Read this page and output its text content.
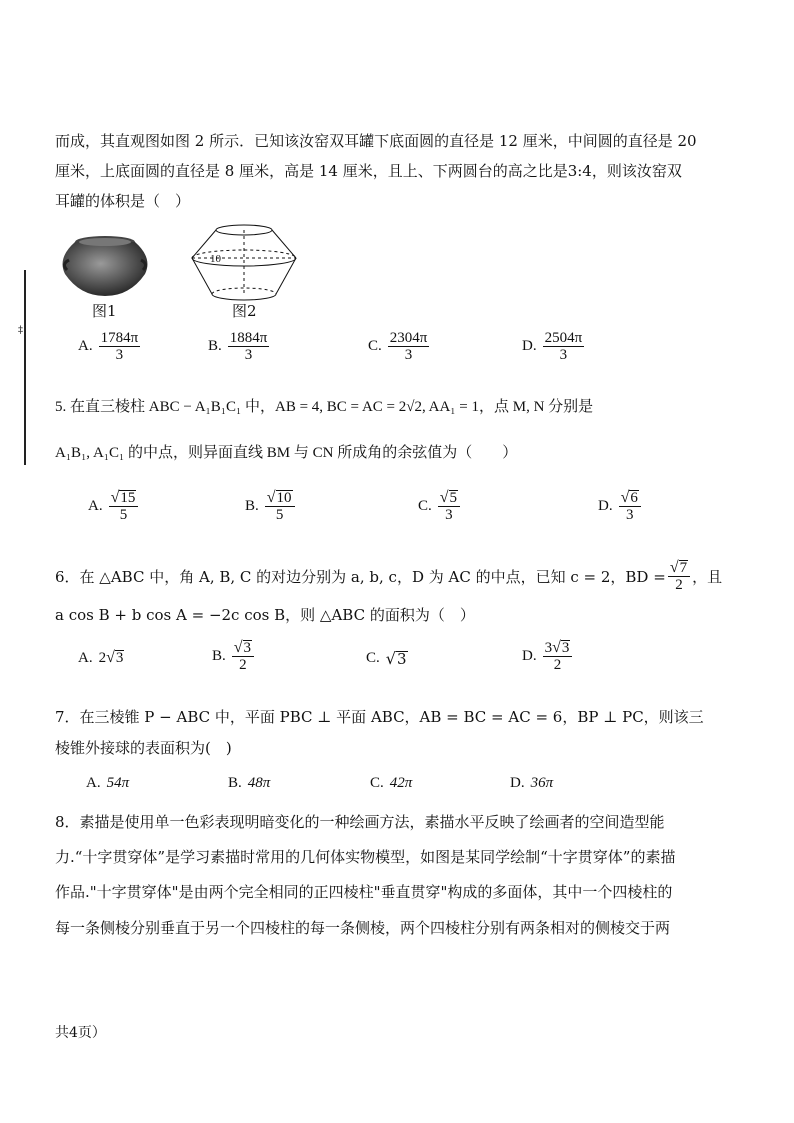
而成，其直观图如图 2 所示．已知该汝窑双耳罐下底面圆的直径是 12 厘米，中间圆的直径是 20
厘米，上底面圆的直径是 8 厘米，高是 14 厘米，且上、下两圆台的高之比是3:4，则该汝窑双
耳罐的体积是（　）
‡
图1
10
图2
A. $\frac{1784\pi}{3}$	B. $\frac{1884\pi}{3}$	C. $\frac{2304\pi}{3}$	D. $\frac{2504\pi}{3}$
5. 在直三棱柱 ABC − A₁B₁C₁ 中，AB = 4, BC = AC = 2√2, AA₁ = 1，点 M, N 分别是
A₁B₁, A₁C₁ 的中点，则异面直线 BM 与 CN 所成角的余弦值为（　　）
A. $\frac{√ 15}{5}$	B. $\frac{√ 10}{5}$	C. $\frac{√ 5}{3}$	D. $\frac{√ 6}{3}$
6．在 △ABC 中，角 A, B, C 的对边分别为 a, b, c，D 为 AC 的中点，已知 c = 2，BD = $\frac{√ 7}{2}$ ，且
a cos B + b cos A = −2c cos B，则 △ABC 的面积为（　）
A. 2 √ 3	B. $\frac{√ 3}{2}$	C. √ 3	D. $\frac{3 √ 3}{2}$
7．在三棱锥 P − ABC 中，平面 PBC ⊥ 平面 ABC，AB = BC = AC = 6，BP ⊥ PC，则该三
棱锥外接球的表面积为(　)
A. 54π	B. 48π	C. 42π	D. 36π
8．素描是使用单一色彩表现明暗变化的一种绘画方法，素描水平反映了绘画者的空间造型能
力.“十字贯穿体”是学习素描时常用的几何体实物模型，如图是某同学绘制“十字贯穿体”的素描
作品."十字贯穿体"是由两个完全相同的正四棱柱"垂直贯穿"构成的多面体，其中一个四棱柱的
每一条侧棱分别垂直于另一个四棱柱的每一条侧棱，两个四棱柱分别有两条相对的侧棱交于两
共4页）
